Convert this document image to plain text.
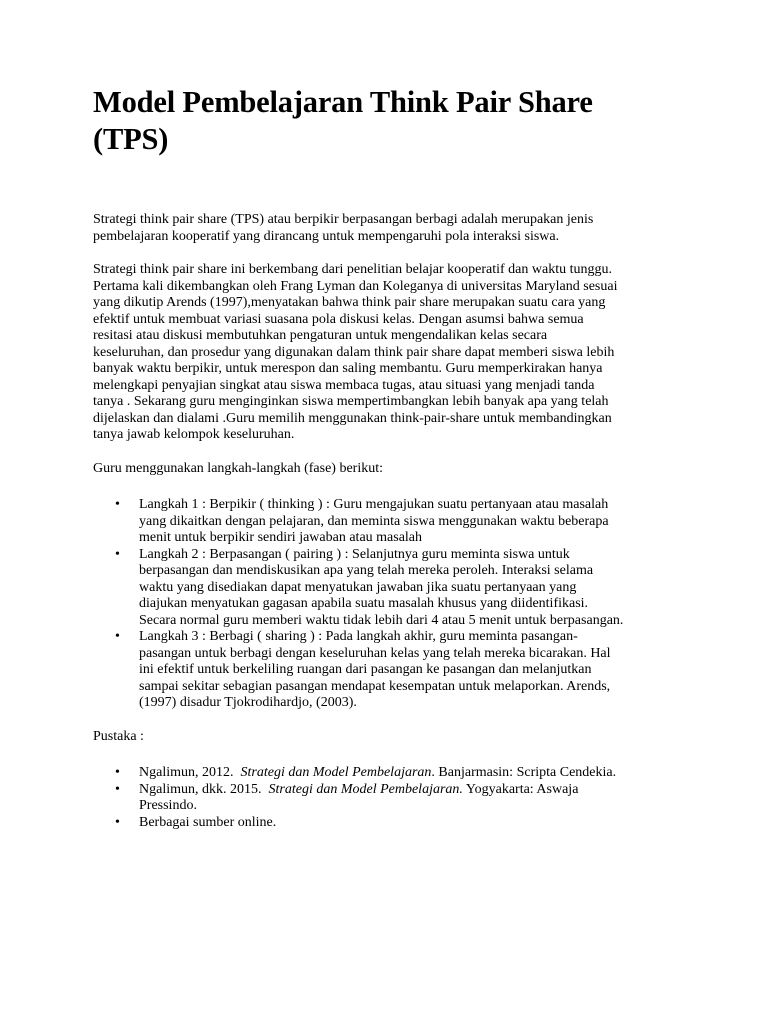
Model Pembelajaran Think Pair Share
(TPS)

Strategi think pair share (TPS) atau berpikir berpasangan berbagi adalah merupakan jenis
pembelajaran kooperatif yang dirancang untuk mempengaruhi pola interaksi siswa.

Strategi think pair share ini berkembang dari penelitian belajar kooperatif dan waktu tunggu.
Pertama kali dikembangkan oleh Frang Lyman dan Koleganya di universitas Maryland sesuai
yang dikutip Arends (1997),menyatakan bahwa think pair share merupakan suatu cara yang
efektif untuk membuat variasi suasana pola diskusi kelas. Dengan asumsi bahwa semua
resitasi atau diskusi membutuhkan pengaturan untuk mengendalikan kelas secara
keseluruhan, dan prosedur yang digunakan dalam think pair share dapat memberi siswa lebih
banyak waktu berpikir, untuk merespon dan saling membantu. Guru memperkirakan hanya
melengkapi penyajian singkat atau siswa membaca tugas, atau situasi yang menjadi tanda
tanya . Sekarang guru menginginkan siswa mempertimbangkan lebih banyak apa yang telah
dijelaskan dan dialami .Guru memilih menggunakan think-pair-share untuk membandingkan
tanya jawab kelompok keseluruhan.

Guru menggunakan langkah-langkah (fase) berikut:

• Langkah 1 : Berpikir ( thinking ) : Guru mengajukan suatu pertanyaan atau masalah
yang dikaitkan dengan pelajaran, dan meminta siswa menggunakan waktu beberapa
menit untuk berpikir sendiri jawaban atau masalah
• Langkah 2 : Berpasangan ( pairing ) : Selanjutnya guru meminta siswa untuk
berpasangan dan mendiskusikan apa yang telah mereka peroleh. Interaksi selama
waktu yang disediakan dapat menyatukan jawaban jika suatu pertanyaan yang
diajukan menyatukan gagasan apabila suatu masalah khusus yang diidentifikasi.
Secara normal guru memberi waktu tidak lebih dari 4 atau 5 menit untuk berpasangan.
• Langkah 3 : Berbagi ( sharing ) : Pada langkah akhir, guru meminta pasangan-
pasangan untuk berbagi dengan keseluruhan kelas yang telah mereka bicarakan. Hal
ini efektif untuk berkeliling ruangan dari pasangan ke pasangan dan melanjutkan
sampai sekitar sebagian pasangan mendapat kesempatan untuk melaporkan. Arends,
(1997) disadur Tjokrodihardjo, (2003).

Pustaka :

• Ngalimun, 2012.  Strategi dan Model Pembelajaran. Banjarmasin: Scripta Cendekia.
• Ngalimun, dkk. 2015.  Strategi dan Model Pembelajaran. Yogyakarta: Aswaja
Pressindo.
• Berbagai sumber online.
